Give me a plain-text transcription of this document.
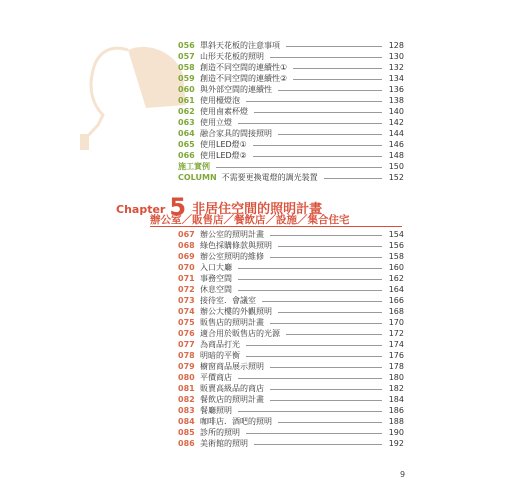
056 單斜天花板的注意事項	128
057 山形天花板的照明	130
058 創造不同空間的連續性①	132
059 創造不同空間的連續性②	134
060 與外部空間的連續性	136
061 使用檯燈泡	138
062 使用鹵素杯燈	140
063 使用立燈	142
064 融合家具的間接照明	144
065 使用LED燈①	146
066 使用LED燈②	148
施工實例	150
COLUMN 不需要更換電燈的調光裝置	152
Chapter 5 非居住空間的照明計畫
辦公室／販售店／餐飲店／設施／集合住宅
067 辦公室的照明計畫	154
068 綠色採購條款與照明	156
069 辦公室照明的維修	158
070 入口大廳	160
071 事務空間	162
072 休息空間	164
073 接待室．會議室	166
074 辦公大樓的外觀照明	168
075 販售店的照明計畫	170
076 適合用於販售店的光源	172
077 為商品打光	174
078 明暗的平衡	176
079 櫥窗商品展示照明	178
080 平價商店	180
081 販賣高級品的商店	182
082 餐飲店的照明計畫	184
083 餐廳照明	186
084 咖啡店．酒吧的照明	188
085 診所的照明	190
086 美術館的照明	192
9
